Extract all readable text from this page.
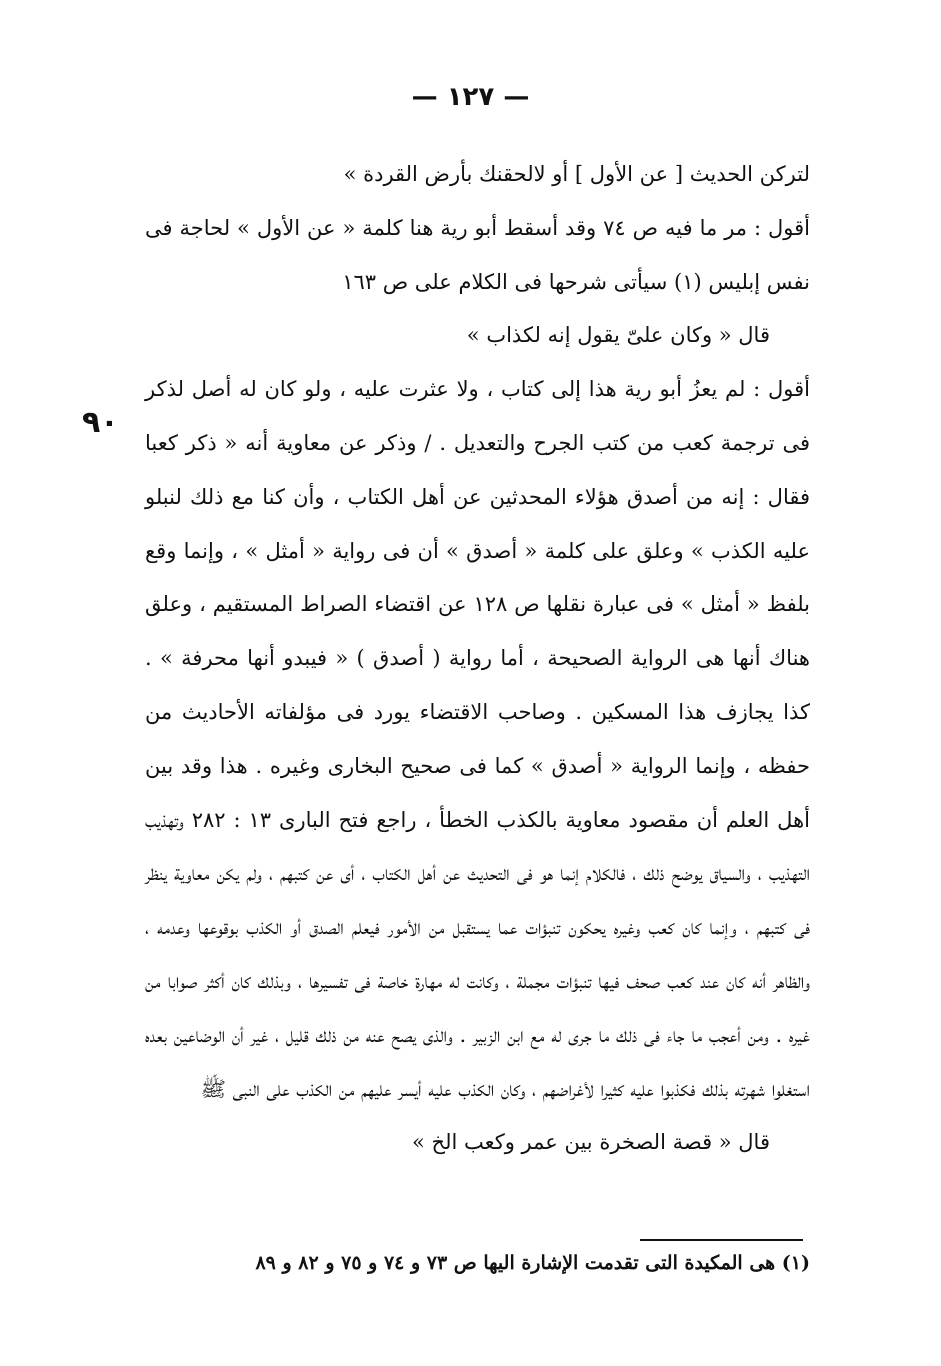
— ١٢٧ —
٩٠

لتركن الحديث [ عن الأول ] أو لالحقنك بأرض القردة »

أقول : مر ما فيه ص ٧٤ وقد أسقط أبو رية هنا كلمة « عن الأول » لحاجة فى نفس إبليس (١) سيأتى شرحها فى الكلام على ص ١٦٣

قال « وكان علىّ يقول إنه لكذاب »

أقول : لم يعزُ أبو رية هذا إلى كتاب ، ولا عثرت عليه ، ولو كان له أصل لذكر فى ترجمة كعب من كتب الجرح والتعديل . / وذكر عن معاوية أنه « ذكر كعبا فقال : إنه من أصدق هؤلاء المحدثين عن أهل الكتاب ، وأن كنا مع ذلك لنبلو عليه الكذب » وعلق على كلمة « أصدق » أن فى رواية « أمثل » ، وإنما وقع بلفظ « أمثل » فى عبارة نقلها ص ١٢٨ عن اقتضاء الصراط المستقيم ، وعلق هناك أنها هى الرواية الصحيحة ، أما رواية ( أصدق ) « فيبدو أنها محرفة » . كذا يجازف هذا المسكين . وصاحب الاقتضاء يورد فى مؤلفاته الأحاديث من حفظه ، وإنما الرواية « أصدق » كما فى صحيح البخارى وغيره . هذا وقد بين أهل العلم أن مقصود معاوية بالكذب الخطأ ، راجع فتح البارى ١٣ : ٢٨٢ وتهذيب التهذيب ، والسياق يوضح ذلك ، فالكلام إنما هو فى التحديث عن أهل الكتاب ، أى عن كتبهم ، ولم يكن معاوية ينظر فى كتبهم ، وإنما كان كعب وغيره يحكون تنبؤات عما يستقبل من الأمور فيعلم الصدق أو الكذب بوقوعها وعدمه ، والظاهر أنه كان عند كعب صحف فيها تنبؤات مجملة ، وكانت له مهارة خاصة فى تفسيرها ، وبذلك كان أكثر صوابا من غيره . ومن أعجب ما جاء فى ذلك ما جرى له مع ابن الزبير . والذى يصح عنه من ذلك قليل ، غير أن الوضاعين بعده استغلوا شهرته بذلك فكذبوا عليه كثيرا لأغراضهم ، وكان الكذب عليه أيسر عليهم من الكذب على النبى ﷺ

قال « قصة الصخرة بين عمر وكعب الخ »

(١) هى المكيدة التى تقدمت الإشارة اليها ص ٧٣ و ٧٤ و ٧٥ و ٨٢ و ٨٩
